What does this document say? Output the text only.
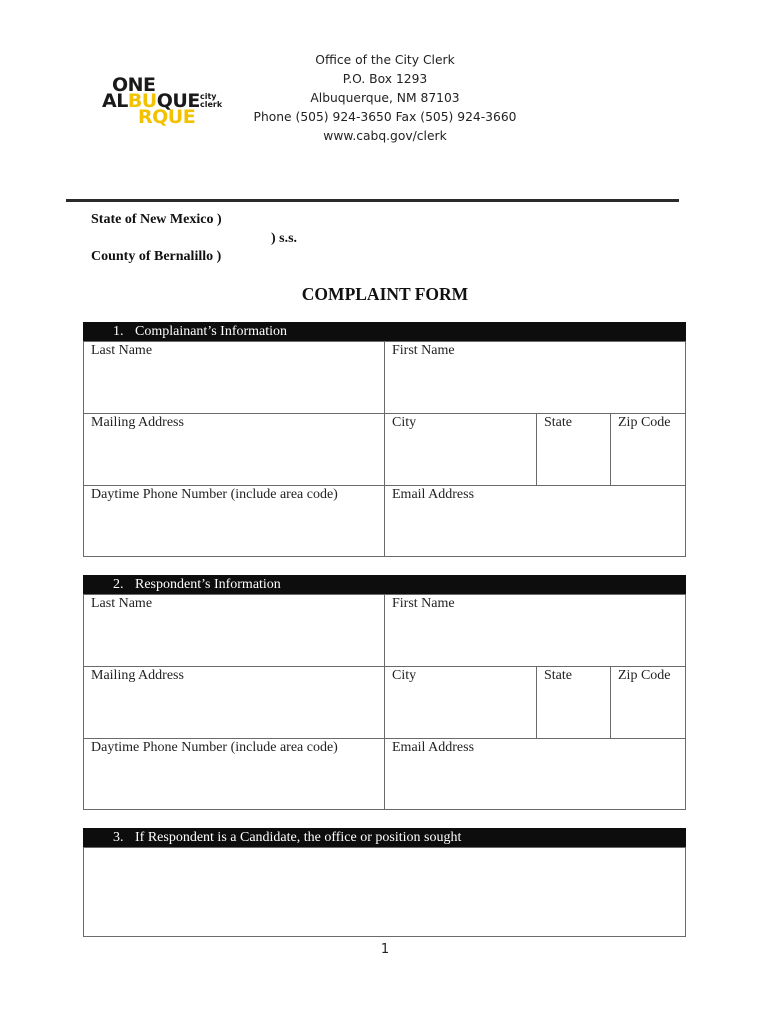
ONE
ALBUQUE
RQUE
city
clerk
Office of the City Clerk
P.O. Box 1293
Albuquerque, NM 87103
Phone (505) 924-3650 Fax (505) 924-3660
www.cabq.gov/clerk
State of New Mexico )
) s.s.
County of Bernalillo )
COMPLAINT FORM
1. Complainant’s Information
Last Name	First Name
Mailing Address	City	State	Zip Code
Daytime Phone Number (include area code)	Email Address
2. Respondent’s Information
Last Name	First Name
Mailing Address	City	State	Zip Code
Daytime Phone Number (include area code)	Email Address
3. If Respondent is a Candidate, the office or position sought
1
